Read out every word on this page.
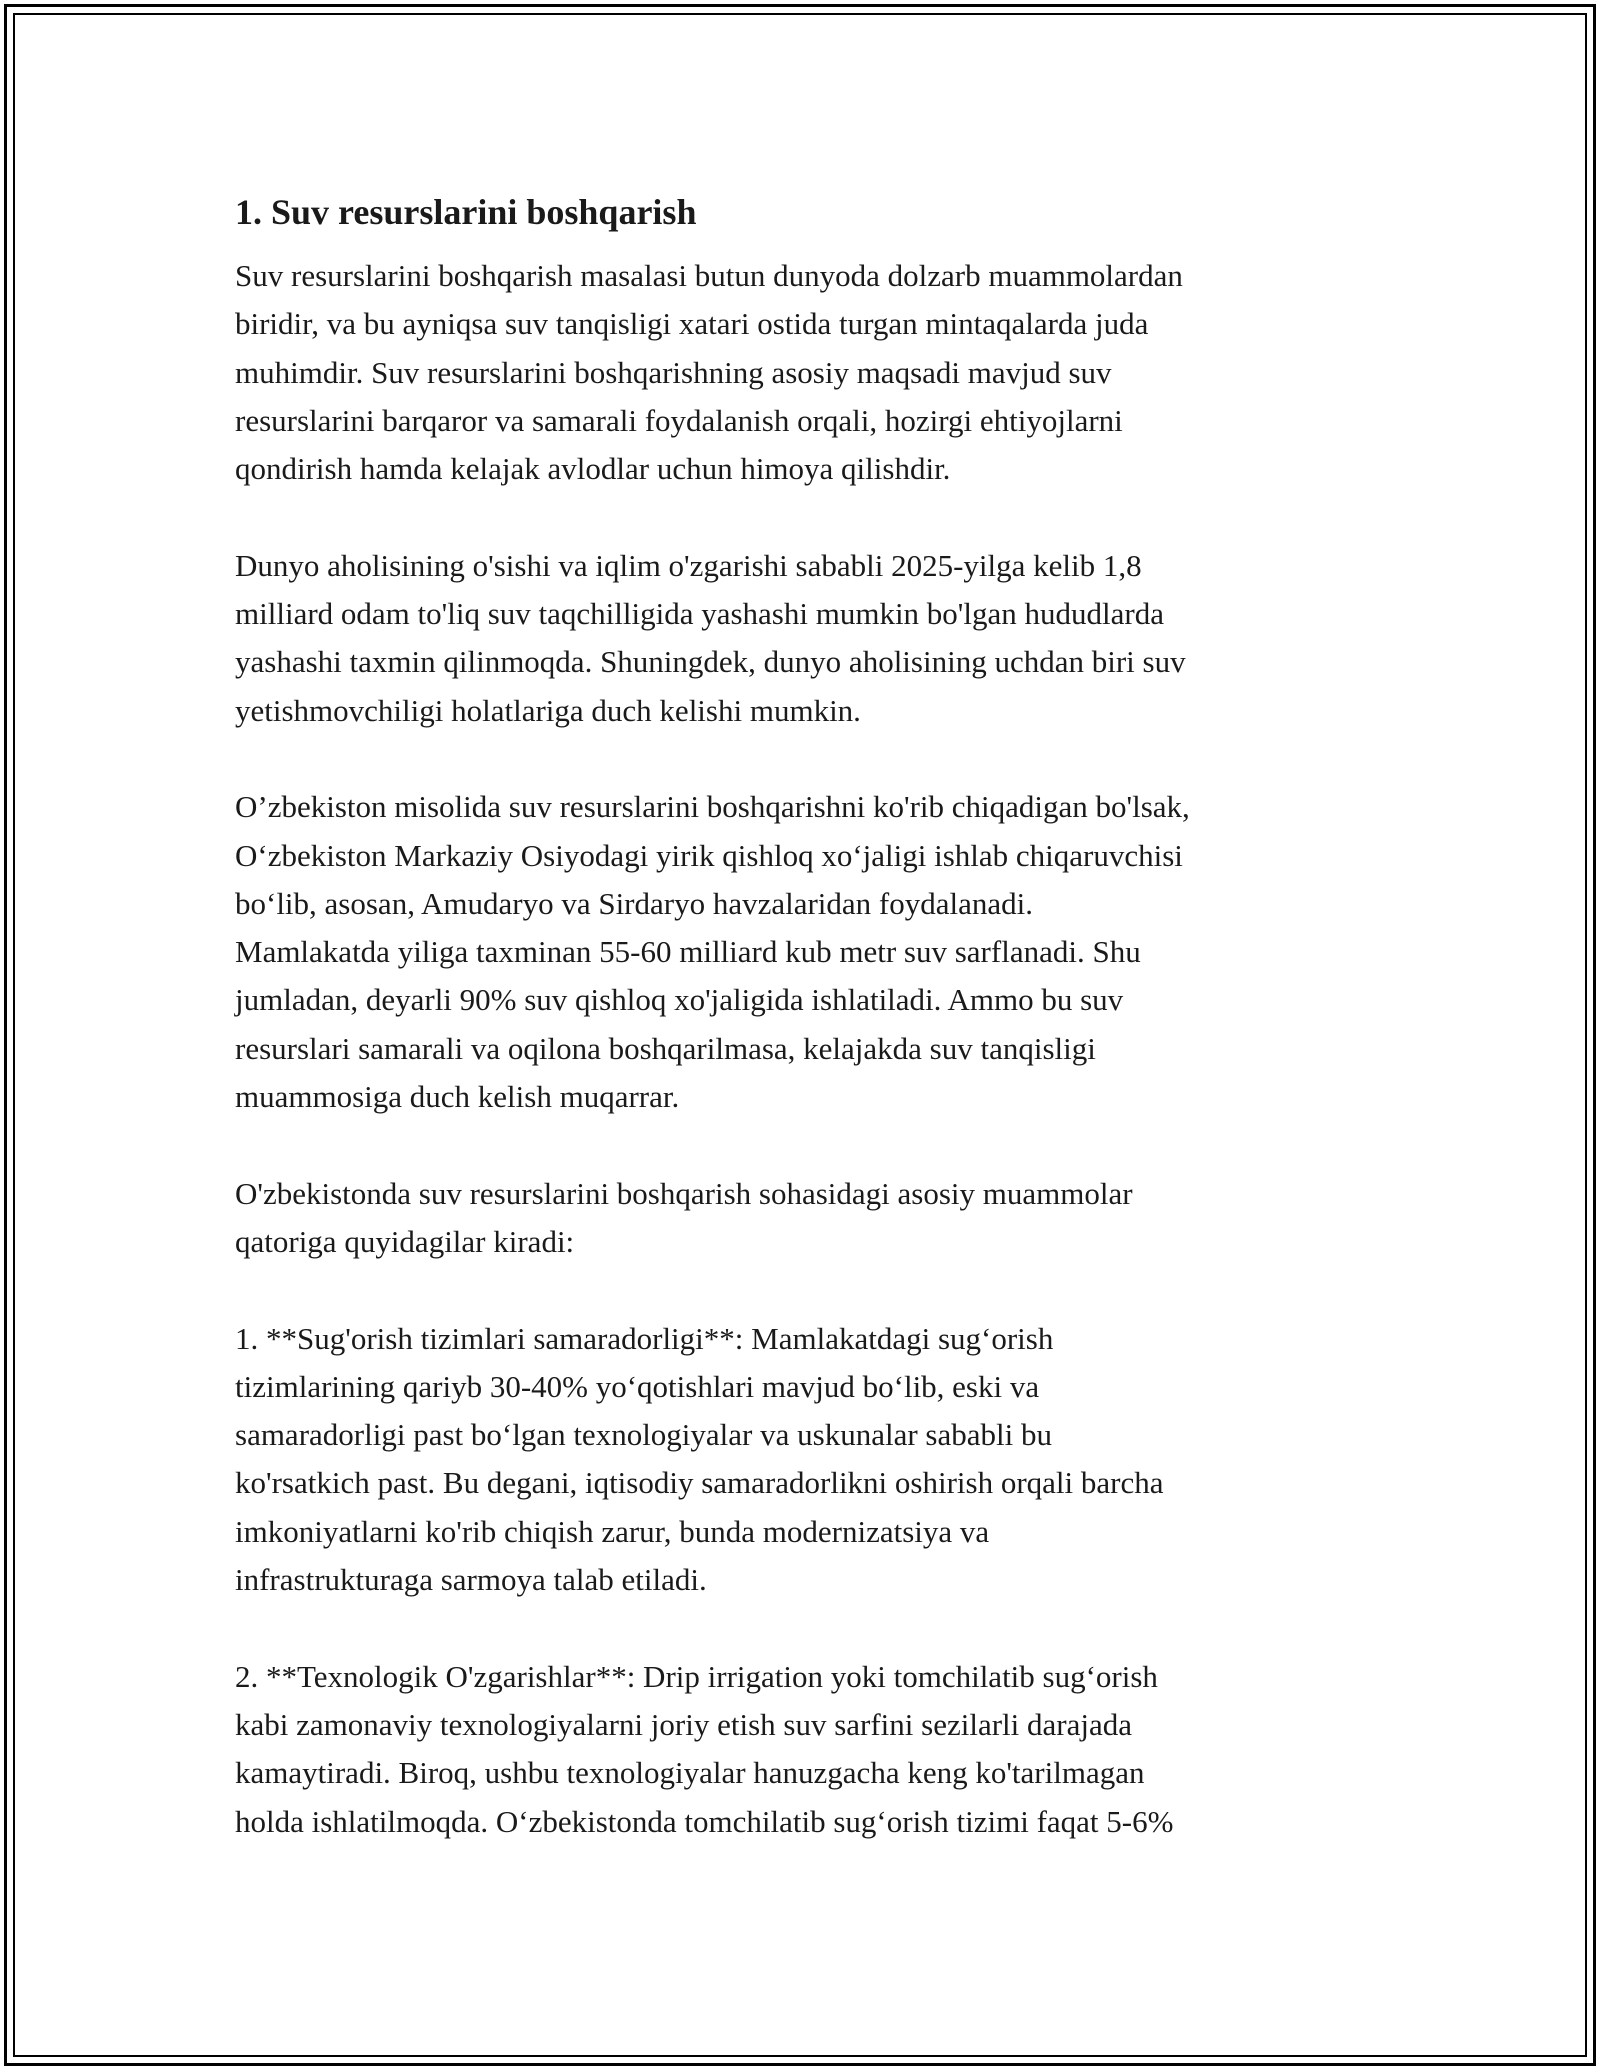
1. Suv resurslarini boshqarish
Suv resurslarini boshqarish masalasi butun dunyoda dolzarb muammolardan
biridir, va bu ayniqsa suv tanqisligi xatari ostida turgan mintaqalarda juda
muhimdir. Suv resurslarini boshqarishning asosiy maqsadi mavjud suv
resurslarini barqaror va samarali foydalanish orqali, hozirgi ehtiyojlarni
qondirish hamda kelajak avlodlar uchun himoya qilishdir.
Dunyo aholisining o'sishi va iqlim o'zgarishi sababli 2025-yilga kelib 1,8
milliard odam to'liq suv taqchilligida yashashi mumkin bo'lgan hududlarda
yashashi taxmin qilinmoqda. Shuningdek, dunyo aholisining uchdan biri suv
yetishmovchiligi holatlariga duch kelishi mumkin.
O’zbekiston misolida suv resurslarini boshqarishni ko'rib chiqadigan bo'lsak,
O‘zbekiston Markaziy Osiyodagi yirik qishloq xo‘jaligi ishlab chiqaruvchisi
bo‘lib, asosan, Amudaryo va Sirdaryo havzalaridan foydalanadi.
Mamlakatda yiliga taxminan 55-60 milliard kub metr suv sarflanadi. Shu
jumladan, deyarli 90% suv qishloq xo'jaligida ishlatiladi. Ammo bu suv
resurslari samarali va oqilona boshqarilmasa, kelajakda suv tanqisligi
muammosiga duch kelish muqarrar.
O'zbekistonda suv resurslarini boshqarish sohasidagi asosiy muammolar
qatoriga quyidagilar kiradi:
1. **Sug'orish tizimlari samaradorligi**: Mamlakatdagi sug‘orish
tizimlarining qariyb 30-40% yo‘qotishlari mavjud bo‘lib, eski va
samaradorligi past bo‘lgan texnologiyalar va uskunalar sababli bu
ko'rsatkich past. Bu degani, iqtisodiy samaradorlikni oshirish orqali barcha
imkoniyatlarni ko'rib chiqish zarur, bunda modernizatsiya va
infrastrukturaga sarmoya talab etiladi.
2. **Texnologik O'zgarishlar**: Drip irrigation yoki tomchilatib sug‘orish
kabi zamonaviy texnologiyalarni joriy etish suv sarfini sezilarli darajada
kamaytiradi. Biroq, ushbu texnologiyalar hanuzgacha keng ko'tarilmagan
holda ishlatilmoqda. O‘zbekistonda tomchilatib sug‘orish tizimi faqat 5-6%
